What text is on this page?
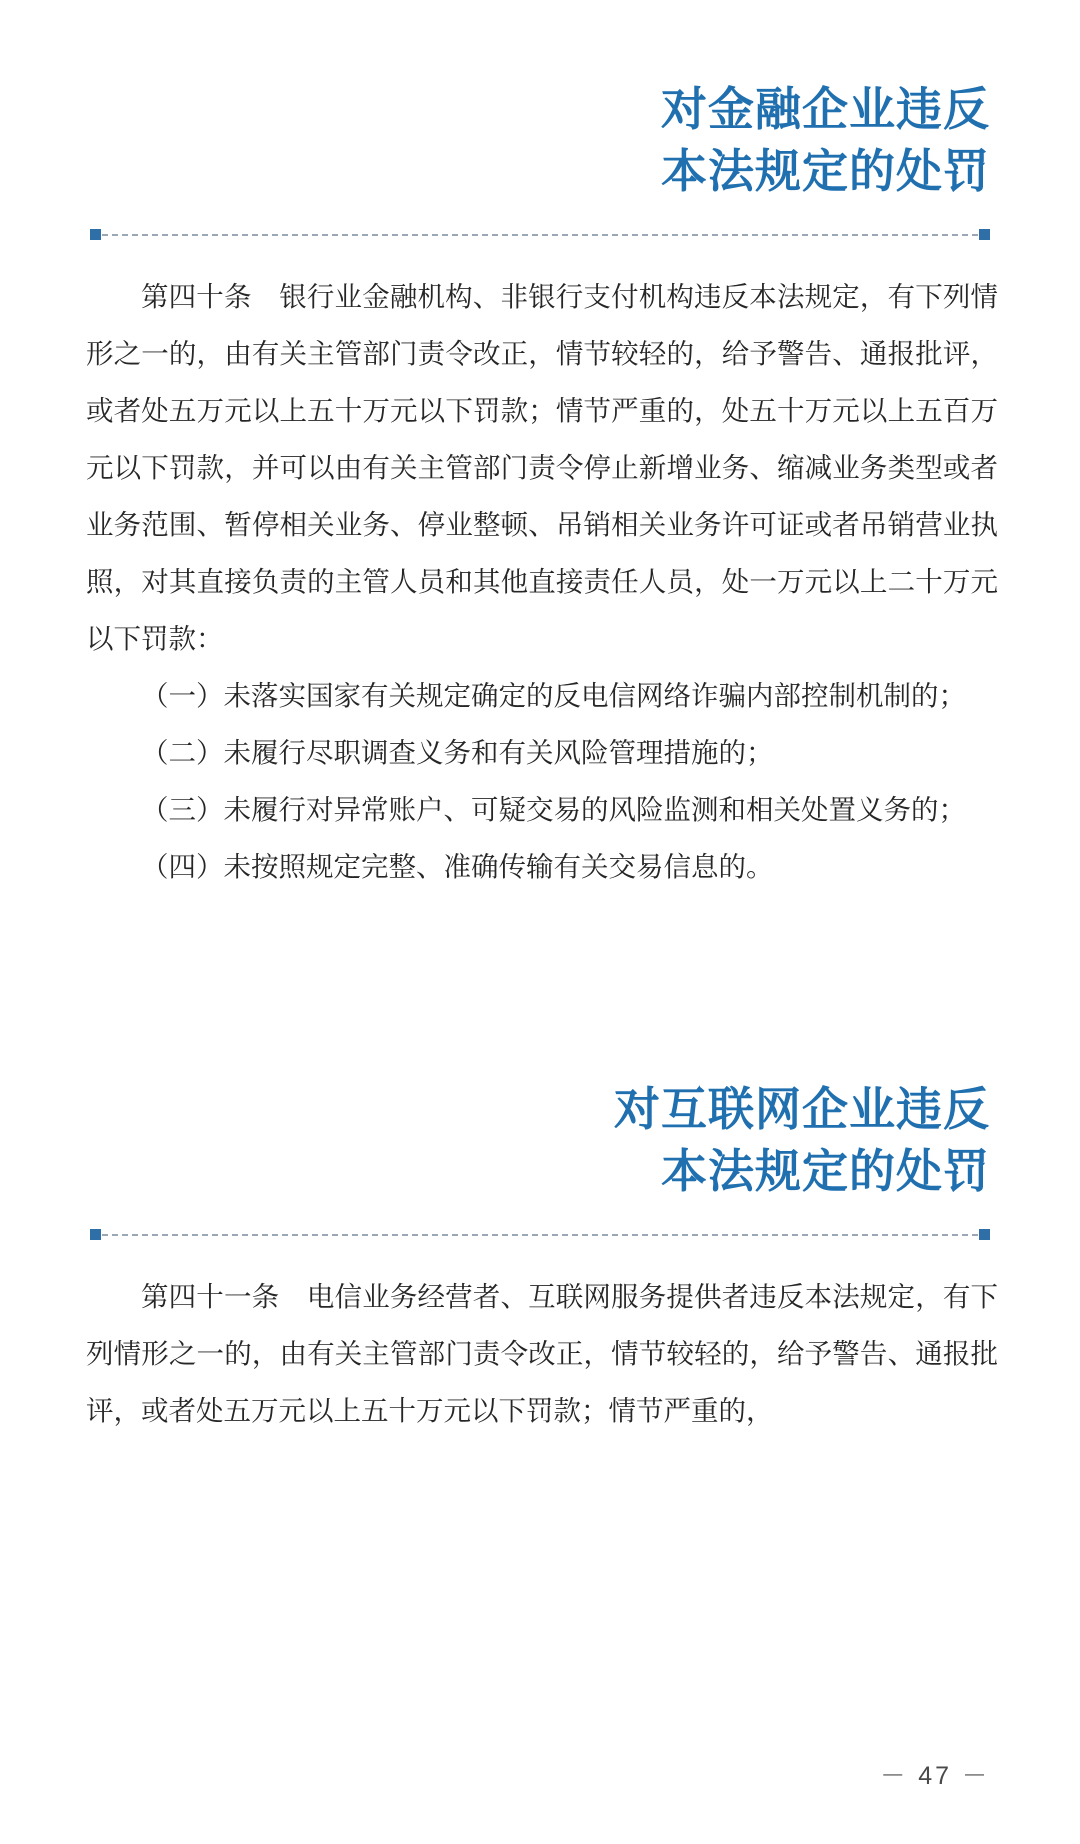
对金融企业违反
本法规定的处罚

第四十条　银行业金融机构、非银行支付机构违反本法规定，有下列情形之一的，由有关主管部门责令改正，情节较轻的，给予警告、通报批评，或者处五万元以上五十万元以下罚款；情节严重的，处五十万元以上五百万元以下罚款，并可以由有关主管部门责令停止新增业务、缩减业务类型或者业务范围、暂停相关业务、停业整顿、吊销相关业务许可证或者吊销营业执照，对其直接负责的主管人员和其他直接责任人员，处一万元以上二十万元以下罚款：

（一）未落实国家有关规定确定的反电信网络诈骗内部控制机制的；

（二）未履行尽职调查义务和有关风险管理措施的；

（三）未履行对异常账户、可疑交易的风险监测和相关处置义务的；

（四）未按照规定完整、准确传输有关交易信息的。

对互联网企业违反
本法规定的处罚

第四十一条　电信业务经营者、互联网服务提供者违反本法规定，有下列情形之一的，由有关主管部门责令改正，情节较轻的，给予警告、通报批评，或者处五万元以上五十万元以下罚款；情节严重的，

－ 47 －
